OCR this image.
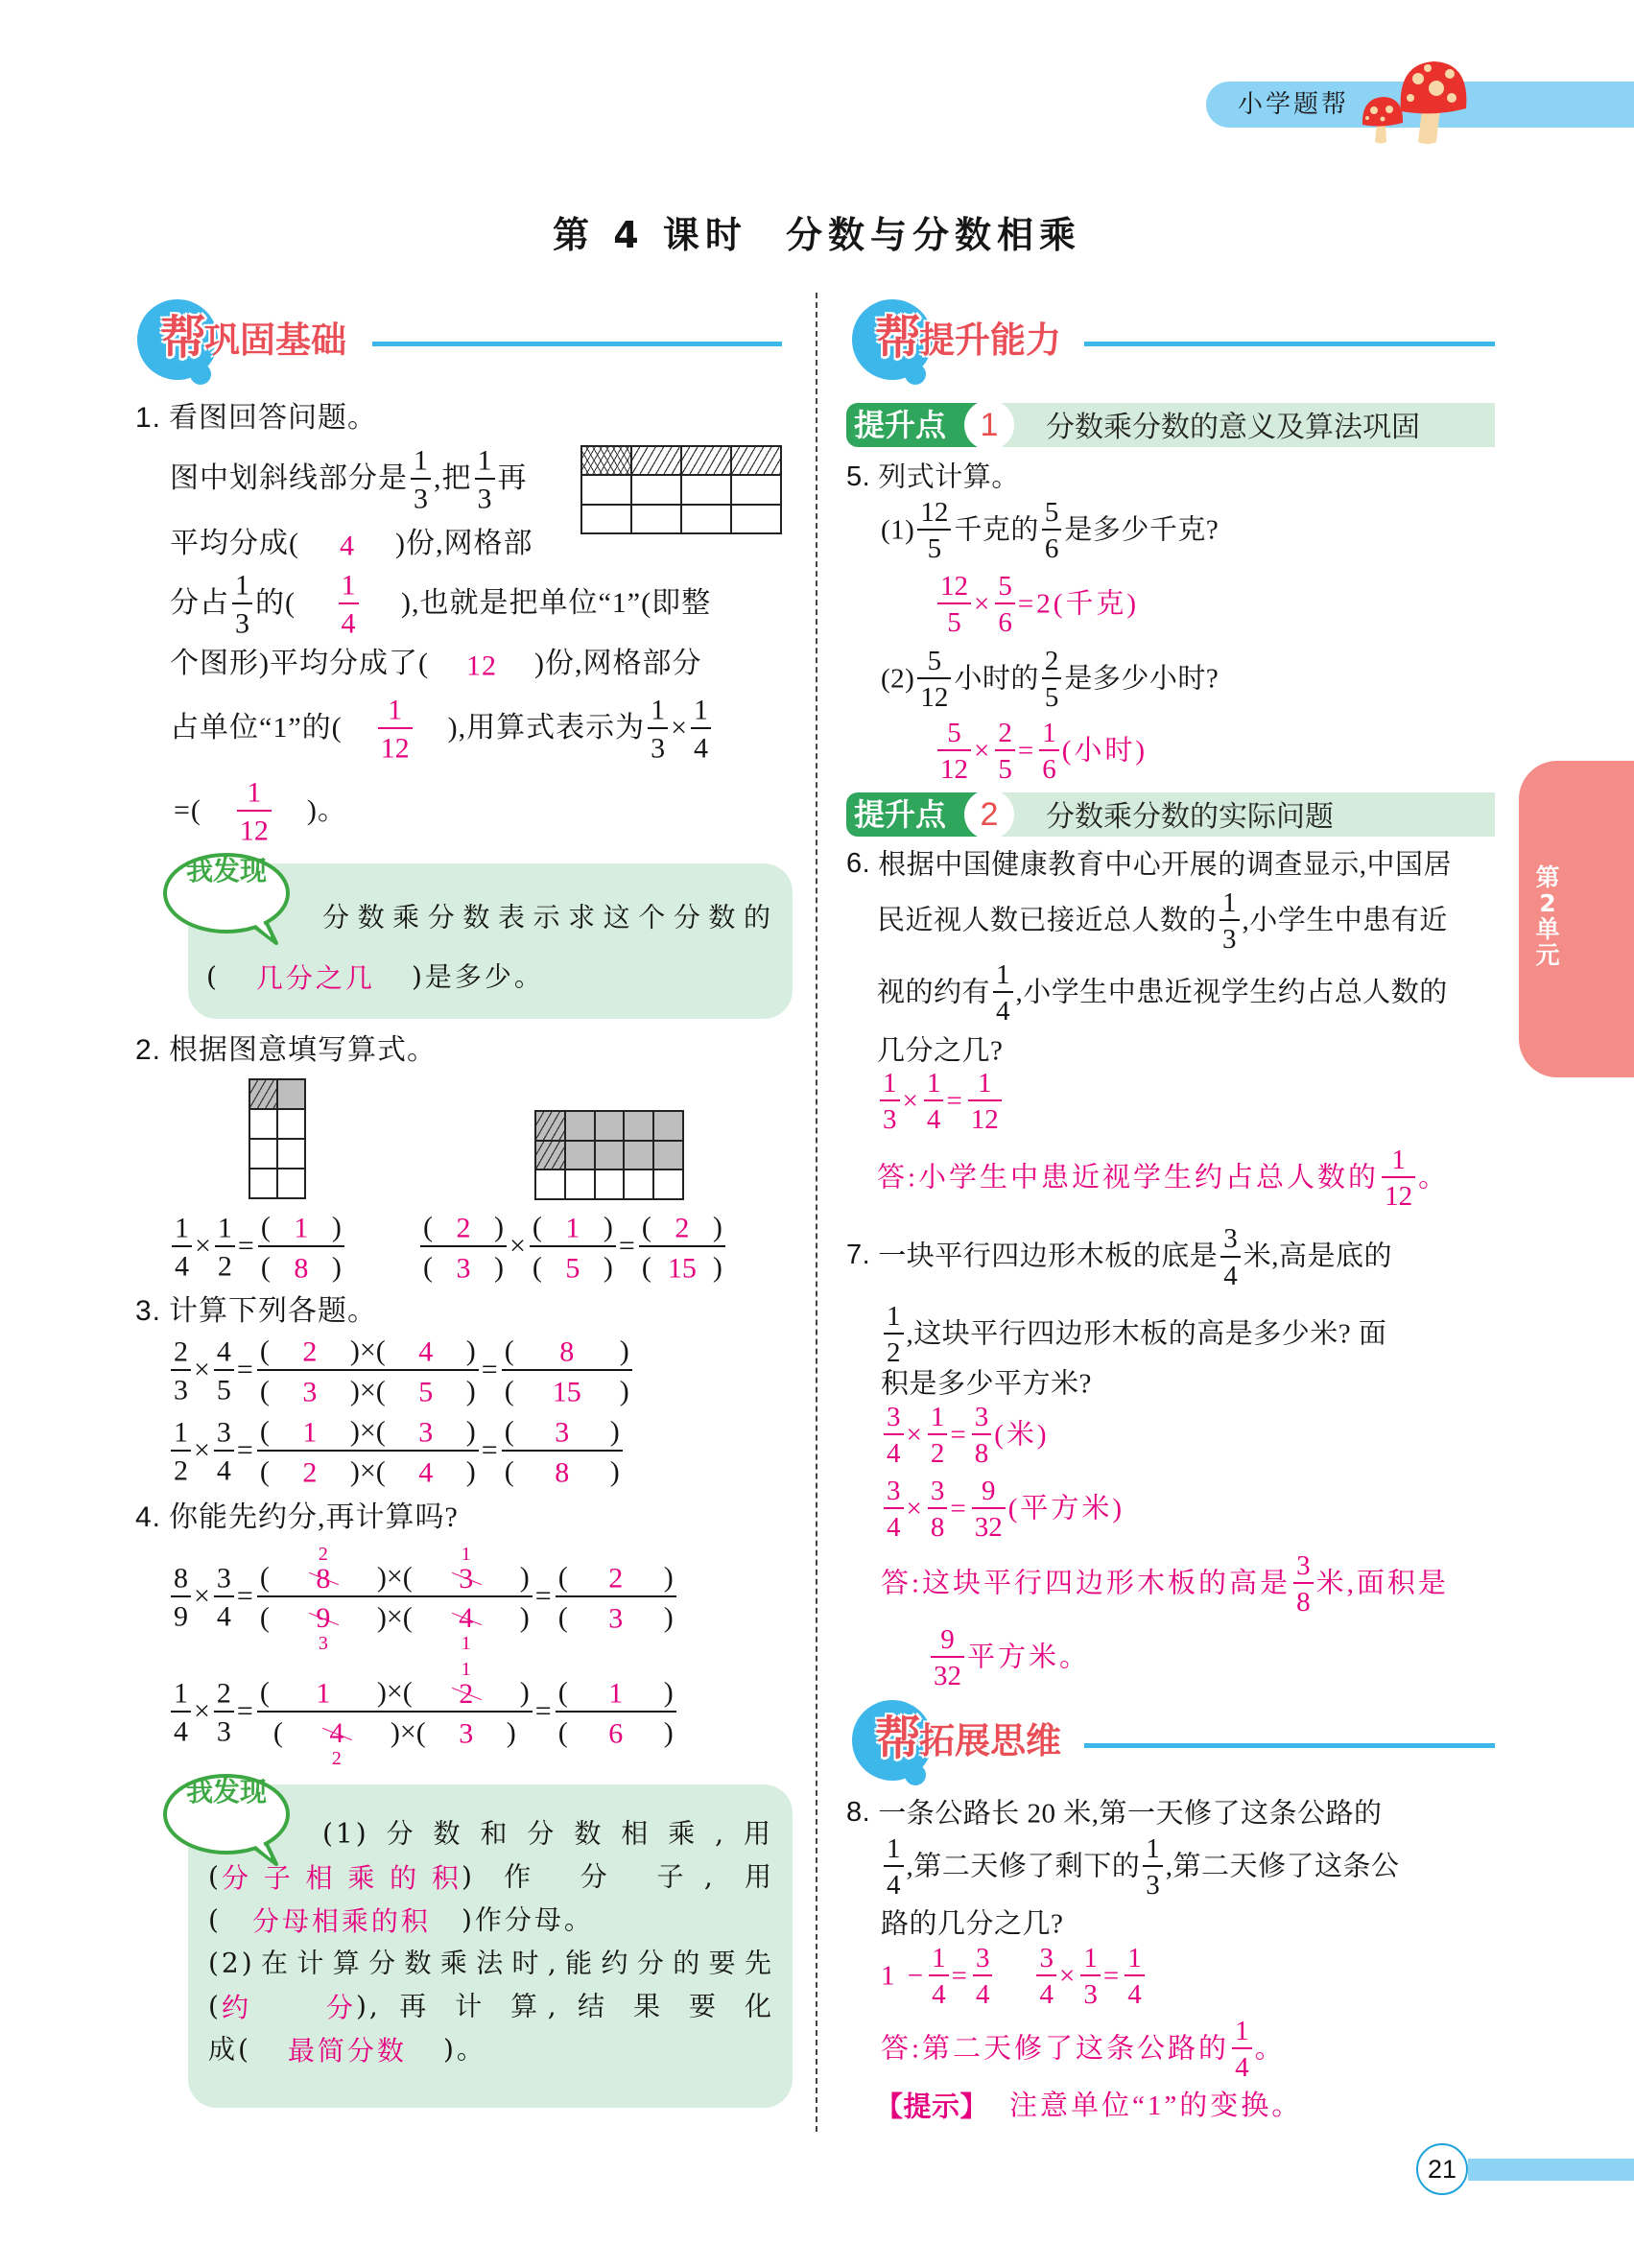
小学题帮
第 4 课时 分数与分数相乘
帮
巩固基础
1. 看图回答问题。
图中划斜线部分是 $\frac{1}{3}$ ,把 $\frac{1}{3}$ 再
平均分成( 4 )份,网格部
分占 $\frac{1}{3}$ 的( $\frac{1}{4}$ ),也就是把单位“1”(即整
个图形)平均分成了( 12 )份,网格部分
占单位“1”的( $\frac{1}{12}$ ),用算式表示为 $\frac{1}{3} \times \frac{1}{4}$
=( $\frac{1}{12}$ )。
我发现
分数乘分数表示求这个分数的
( 几分之几 )是多少。
2. 根据图意填写算式。
$\frac{1}{4} \times \frac{1}{2} = \frac{( 1 )}{( 8 )}$	$\frac{( 2 )}{( 3 )} \times \frac{( 1 )}{( 5 )} = \frac{( 2 )}{( 15 )}$
3. 计算下列各题。
$\frac{2}{3} \times \frac{4}{5} = \frac{( 2 )\times( 4 )}{( 3 )\times( 5 )} = \frac{( 8 )}{( 15 )}$
$\frac{1}{2} \times \frac{3}{4} = \frac{( 1 )\times( 3 )}{( 2 )\times( 4 )} = \frac{( 3 )}{( 8 )}$
4. 你能先约分,再计算吗?
$\frac{8}{9} \times \frac{3}{4}$ = ( 8
2
)×( 3
1
)
( 9
3
)×( 4
1
) = $\frac{( 2 )}{( 3 )}$
$\frac{1}{4} \times \frac{2}{3}$ = ( 1 )×( 2
1
)
( 4
2
)×( 3 ) = $\frac{( 1 )}{( 6 )}$
我发现
(1)分数和分数相乘,用
(分子相乘的积) 作 分 子, 用
( 分母相乘的积 )作分母。
(2)在计算分数乘法时,能约分的要先
(约分), 再 计 算, 结 果 要 化
成( 最简分数 )。
帮
提升能力
提升点	1	分数乘分数的意义及算法巩固
5. 列式计算。
$(1) \frac{12}{5}$ 千克的 $\frac{5}{6}$ 是多少千克?
$\frac{12}{5} \times \frac{5}{6} =2$(千克)
$(2) \frac{5}{12}$ 小时的 $\frac{2}{5}$ 是多少小时?
$\frac{5}{12} \times \frac{2}{5} = \frac{1}{6}$ (小时)
提升点	2	分数乘分数的实际问题
6. 根据中国健康教育中心开展的调查显示,中国居
民近视人数已接近总人数的 $\frac{1}{3}$ ,小学生中患有近
视的约有 $\frac{1}{4}$ ,小学生中患近视学生约占总人数的
几分之几?
$\frac{1}{3} \times \frac{1}{4} = \frac{1}{12}$
答:小学生中患近视学生约占总人数的 $\frac{1}{12}$ 。
7. 一块平行四边形木板的底是 $\frac{3}{4}$ 米,高是底的
$\frac{1}{2}$ ,这块平行四边形木板的高是多少米? 面
积是多少平方米?
$\frac{3}{4} \times \frac{1}{2} = \frac{3}{8}$ (米)
$\frac{3}{4} \times \frac{3}{8} = \frac{9}{32}$ (平方米)
答:这块平行四边形木板的高是 $\frac{3}{8}$ 米,面积是
$\frac{9}{32}$ 平方米。
帮
拓展思维
8. 一条公路长 20 米,第一天修了这条公路的
$\frac{1}{4}$ ,第二天修了剩下的 $\frac{1}{3}$ ,第二天修了这条公
路的几分之几?
$1 - \frac{1}{4} = \frac{3}{4} \frac{3}{4} \times \frac{1}{3} = \frac{1}{4}$
答:第二天修了这条公路的 $\frac{1}{4}$ 。
【提示】 注意单位“1”的变换。
第
2
单
元
21
